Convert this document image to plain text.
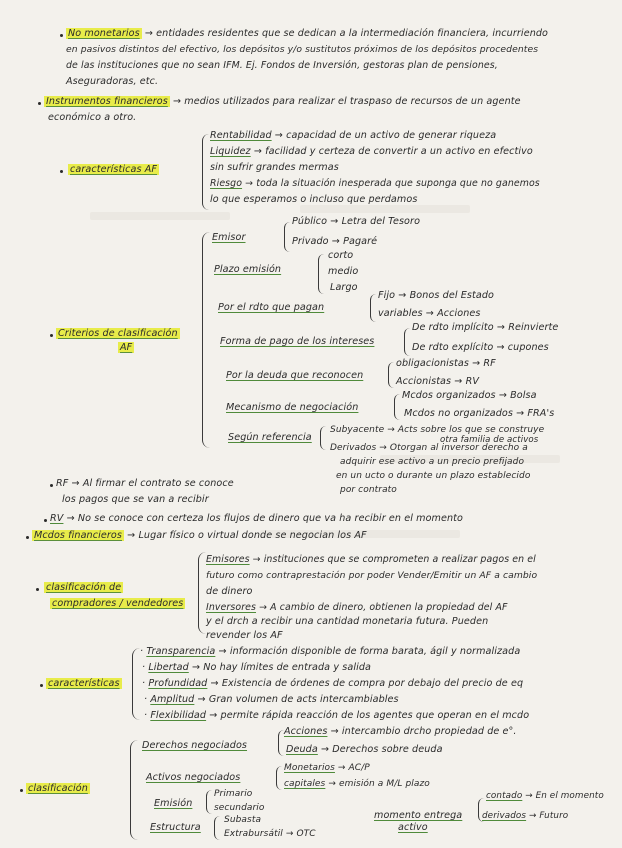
No monetarios → entidades residentes que se dedican a la intermediación financiera, incurriendo
en pasivos distintos del efectivo, los depósitos y/o sustitutos próximos de los depósitos procedentes
de las instituciones que no sean IFM. Ej. Fondos de Inversión, gestoras plan de pensiones,
Aseguradoras, etc.
Instrumentos financieros → medios utilizados para realizar el traspaso de recursos de un agente
económico a otro.
características AF
Rentabilidad → capacidad de un activo de generar riqueza
Liquidez → facilidad y certeza de convertir a un activo en efectivo
sin sufrir grandes mermas
Riesgo → toda la situación inesperada que suponga que no ganemos
lo que esperamos o incluso que perdamos
Criterios de clasificación
AF
Emisor
Público → Letra del Tesoro
Privado → Pagaré
Plazo emisión
corto
medio
Largo
Por el rdto que pagan
Fijo → Bonos del Estado
variables → Acciones
Forma de pago de los intereses
De rdto implícito → Reinvierte
De rdto explícito → cupones
Por la deuda que reconocen
obligacionistas → RF
Accionistas → RV
Mecanismo de negociación
Mcdos organizados → Bolsa
Mcdos no organizados → FRA's
Según referencia
Subyacente → Acts sobre los que se construye
otra familia de activos
Derivados → Otorgan al inversor derecho a
adquirir ese activo a un precio prefijado
en un ucto o durante un plazo establecido
por contrato
RF → Al firmar el contrato se conoce
los pagos que se van a recibir
RV → No se conoce con certeza los flujos de dinero que va ha recibir en el momento
Mcdos financieros → Lugar físico o virtual donde se negocian los AF
clasificación de
compradores / vendedores
Emisores → instituciones que se comprometen a realizar pagos en el
futuro como contraprestación por poder Vender/Emitir un AF a cambio
de dinero
Inversores → A cambio de dinero, obtienen la propiedad del AF
y el drch a recibir una cantidad monetaria futura. Pueden
revender los AF
características
· Transparencia → información disponible de forma barata, ágil y normalizada
· Libertad → No hay límites de entrada y salida
· Profundidad → Existencia de órdenes de compra por debajo del precio de eq
· Amplitud → Gran volumen de acts intercambiables
· Flexibilidad → permite rápida reacción de los agentes que operan en el mcdo
clasificación
Derechos negociados
Acciones → intercambio drcho propiedad de e°.
Deuda → Derechos sobre deuda
Activos negociados
Monetarios → AC/P
capitales → emisión a M/L plazo
Emisión
Primario
secundario
Estructura
Subasta
Extrabursátil → OTC
momento entrega
activo
contado → En el momento
derivados → Futuro
